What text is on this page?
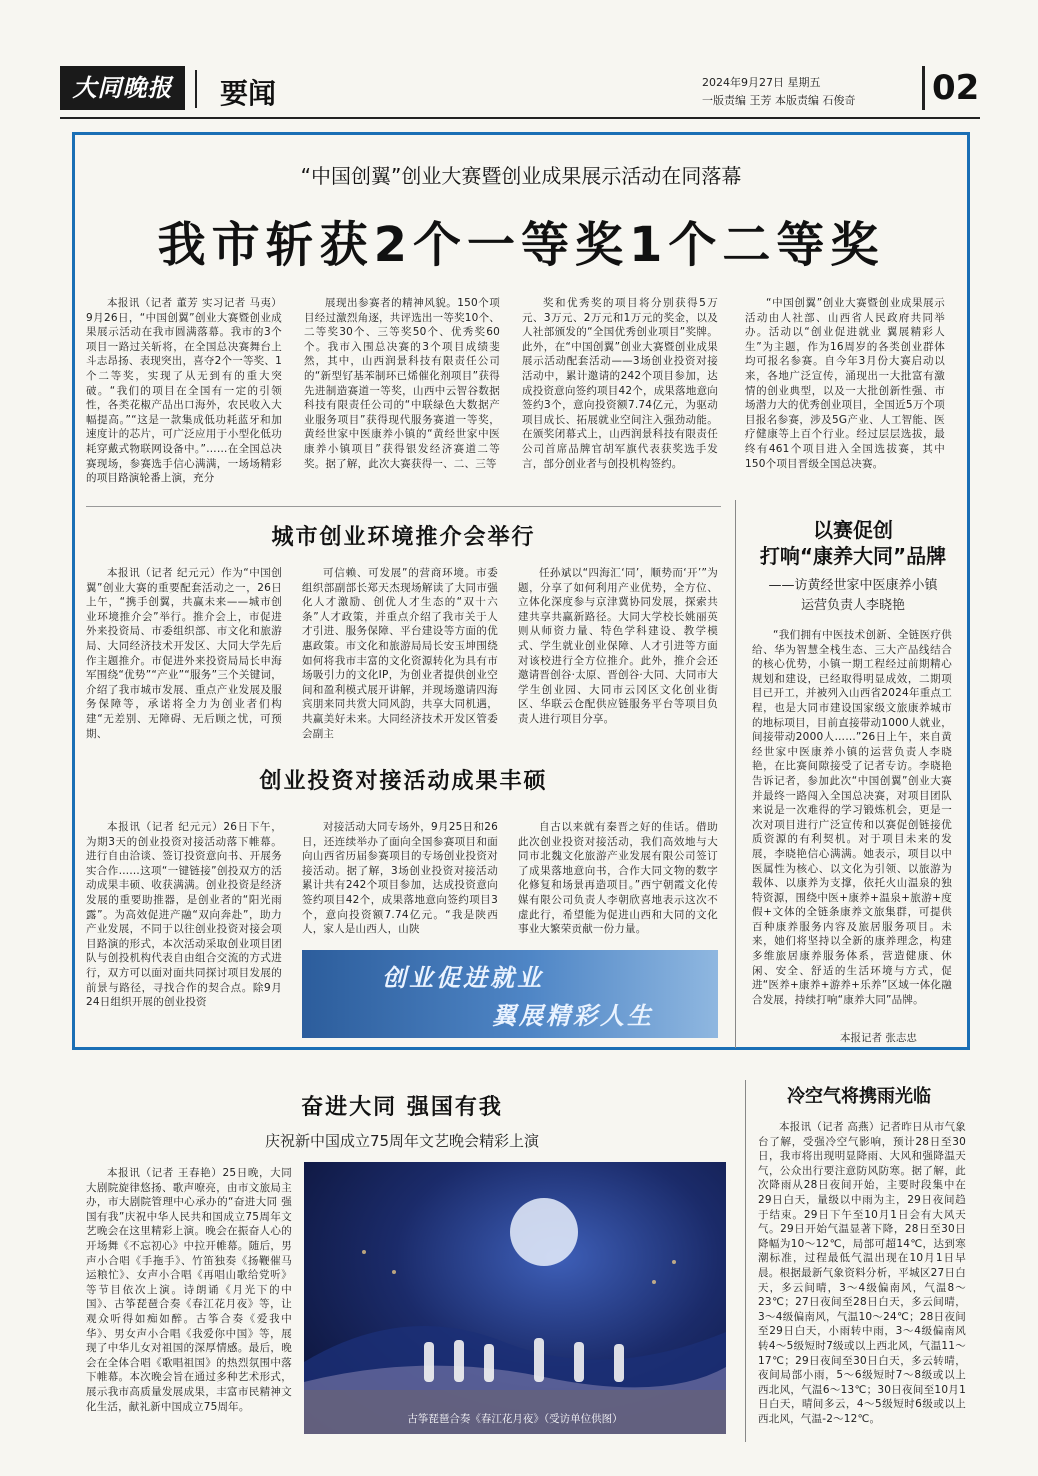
大同晚报	要闻	2024年9月27日 星期五
一版责编 王芳 本版责编 石俊奇 02
“中国创翼”创业大赛暨创业成果展示活动在同落幕
我市斩获2个一等奖1个二等奖

本报讯（记者 董芳 实习记者 马夷）9月26日，“中国创翼”创业大赛暨创业成果展示活动在我市圆满落幕。我市的3个项目一路过关斩将，在全国总决赛舞台上斗志昂扬、表现突出，喜夺2个一等奖、1个二等奖，实现了从无到有的重大突破。“我们的项目在全国有一定的引领性，各类花椒产品出口海外，农民收入大幅提高。”“这是一款集成低功耗蓝牙和加速度计的芯片，可广泛应用于小型化低功耗穿戴式物联网设备中。”……在全国总决赛现场，参赛选手信心满满，一场场精彩的项目路演轮番上演，充分

展现出参赛者的精神风貌。150个项目经过激烈角逐，共评选出一等奖10个、二等奖30个、三等奖50个、优秀奖60个。我市入围总决赛的3个项目成绩斐然，其中，山西润景科技有限责任公司的“新型钌基苯制环已烯催化剂项目”获得先进制造赛道一等奖，山西中云智谷数据科技有限责任公司的“中联绿色大数据产业服务项目”获得现代服务赛道一等奖，黄经世家中医康养小镇的“黄经世家中医康养小镇项目”获得银发经济赛道二等奖。据了解，此次大赛获得一、二、三等

奖和优秀奖的项目将分别获得5万元、3万元、2万元和1万元的奖金，以及人社部颁发的“全国优秀创业项目”奖牌。此外，在“中国创翼”创业大赛暨创业成果展示活动配套活动——3场创业投资对接活动中，累计邀请的242个项目参加，达成投资意向签约项目42个，成果落地意向签约3个，意向投资额7.74亿元，为驱动项目成长、拓展就业空间注入强劲动能。在颁奖闭幕式上，山西润景科技有限责任公司首席品牌官胡军旗代表获奖选手发言，部分创业者与创投机构签约。

“中国创翼”创业大赛暨创业成果展示活动由人社部、山西省人民政府共同举办。活动以“创业促进就业 翼展精彩人生”为主题，作为16周岁的各类创业群体均可报名参赛。自今年3月份大赛启动以来，各地广泛宣传，涌现出一大批富有激情的创业典型，以及一大批创新性强、市场潜力大的优秀创业项目，全国近5万个项目报名参赛，涉及5G产业、人工智能、医疗健康等上百个行业。经过层层选拔，最终有461个项目进入全国选拔赛，其中150个项目晋级全国总决赛。

城市创业环境推介会举行

本报讯（记者 纪元元）作为“中国创翼”创业大赛的重要配套活动之一，26日上午，“携手创翼，共赢未来——城市创业环境推介会”举行。推介会上，市促进外来投资局、市委组织部、市文化和旅游局、大同经济技术开发区、大同大学先后作主题推介。市促进外来投资局局长申海军围绕“优势”“产业”“服务”三个关键词，介绍了我市城市发展、重点产业发展及服务保障等，承诺将全力为创业者们构建“无差别、无障碍、无后顾之忧，可预期、

可信赖、可发展”的营商环境。市委组织部副部长郑天杰现场解读了大同市强化人才激励、创优人才生态的“双十六条”人才政策，并重点介绍了我市关于人才引进、服务保障、平台建设等方面的优惠政策。市文化和旅游局局长安玉坤围绕如何将我市丰富的文化资源转化为具有市场吸引力的文化IP，为创业者提供创业空间和盈利模式展开讲解，并现场邀请四海宾朋来同共赏大同风韵，共享大同机遇，共赢美好未来。大同经济技术开发区管委会副主

任孙斌以“四海汇‘同’，顺势而‘开’”为题，分享了如何利用产业优势，全方位、立体化深度参与京津冀协同发展，探索共建共享共赢新路径。大同大学校长姚丽英则从师资力量、特色学科建设、教学模式、学生就业创业保障、人才引进等方面对该校进行全方位推介。此外，推介会还邀请晋创谷·太原、晋创谷·大同、大同市大学生创业园、大同市云冈区文化创业街区、华联云仓配供应链服务平台等项目负责人进行项目分享。

创业投资对接活动成果丰硕

本报讯（记者 纪元元）26日下午，为期3天的创业投资对接活动落下帷幕。进行自由洽谈、签订投资意向书、开展务实合作……这项“一键链接”创投双方的活动成果丰硕、收获满满。创业投资是经济发展的重要助推器，是创业者的“阳光雨露”。为高效促进产融“双向奔赴”，助力产业发展，不同于以往创业投资对接会项目路演的形式，本次活动采取创业项目团队与创投机构代表自由组合交流的方式进行，双方可以面对面共同探讨项目发展的前景与路径，寻找合作的契合点。除9月24日组织开展的创业投资

对接活动大同专场外，9月25日和26日，还连续举办了面向全国参赛项目和面向山西省历届参赛项目的专场创业投资对接活动。据了解，3场创业投资对接活动累计共有242个项目参加，达成投资意向签约项目42个，成果落地意向签约项目3个，意向投资额7.74亿元。“我是陕西人，家人是山西人，山陕

自古以来就有秦晋之好的佳话。借助此次创业投资对接活动，我们高效地与大同市北魏文化旅游产业发展有限公司签订了成果落地意向书，合作大同文物的数字化修复和场景再造项目。”西宁朝霞文化传媒有限公司负责人李朝欣喜地表示这次不虚此行，希望能为促进山西和大同的文化事业大繁荣贡献一份力量。

创业促进就业
翼展精彩人生
以赛促创
打响“康养大同”品牌
——访黄经世家中医康养小镇
运营负责人李晓艳

“我们拥有中医技术创新、全链医疗供给、华为智慧全栈生态、三大产品线结合的核心优势，小镇一期工程经过前期精心规划和建设，已经取得明显成效，二期项目已开工，并被列入山西省2024年重点工程，也是大同市建设国家级文旅康养城市的地标项目，目前直接带动1000人就业，间接带动2000人……”26日上午，来自黄经世家中医康养小镇的运营负责人李晓艳，在比赛间隙接受了记者专访。李晓艳告诉记者，参加此次“中国创翼”创业大赛并最终一路闯入全国总决赛，对项目团队来说是一次难得的学习锻炼机会，更是一次对项目进行广泛宣传和以赛促创链接优质资源的有利契机。对于项目未来的发展，李晓艳信心满满。她表示，项目以中医属性为核心、以文化为引领、以旅游为载体、以康养为支撑，依托火山温泉的独特资源，围绕中医+康养+温泉+旅游+度假+文体的全链条康养文旅集群，可提供百种康养服务内容及旅居服务项目。未来，她们将坚持以全新的康养理念，构建多维旅居康养服务体系，营造健康、休闲、安全、舒适的生活环境与方式，促进“医养+康养+游养+乐养”区域一体化融合发展，持续打响“康养大同”品牌。

本报记者 张志忠
奋进大同 强国有我
庆祝新中国成立75周年文艺晚会精彩上演

本报讯（记者 王春艳）25日晚，大同大剧院旋律悠扬、歌声嘹亮，由市文旅局主办，市大剧院管理中心承办的“奋进大同 强国有我”庆祝中华人民共和国成立75周年文艺晚会在这里精彩上演。晚会在振奋人心的开场舞《不忘初心》中拉开帷幕。随后，男声小合唱《手拖手》、竹笛独奏《扬鞭催马运粮忙》、女声小合唱《再唱山歌给党听》等节目依次上演。诗朗诵《月光下的中国》、古筝琵琶合奏《春江花月夜》等，让观众听得如痴如醉。古筝合奏《爱我中华》、男女声小合唱《我爱你中国》等，展现了中华儿女对祖国的深厚情感。最后，晚会在全体合唱《歌唱祖国》的热烈氛围中落下帷幕。本次晚会旨在通过多种艺术形式，展示我市高质量发展成果，丰富市民精神文化生活，献礼新中国成立75周年。

古筝琵琶合奏《春江花月夜》（受访单位供图）
冷空气将携雨光临

本报讯（记者 高燕）记者昨日从市气象台了解，受强冷空气影响，预计28日至30日，我市将出现明显降雨、大风和强降温天气，公众出行要注意防风防寒。据了解，此次降雨从28日夜间开始，主要时段集中在29日白天，量级以中雨为主，29日夜间趋于结束。29日下午至10月1日会有大风天气。29日开始气温显著下降，28日至30日降幅为10～12℃，局部可超14℃，达到寒潮标准，过程最低气温出现在10月1日早晨。根据最新气象资料分析，平城区27日白天，多云间晴，3～4级偏南风，气温8～23℃；27日夜间至28日白天，多云间晴，3～4级偏南风，气温10～24℃；28日夜间至29日白天，小雨转中雨，3～4级偏南风转4～5级短时7级或以上西北风，气温11～17℃；29日夜间至30日白天，多云转晴，夜间局部小雨，5～6级短时7～8级或以上西北风，气温6～13℃；30日夜间至10月1日白天，晴间多云，4～5级短时6级或以上西北风，气温-2～12℃。
